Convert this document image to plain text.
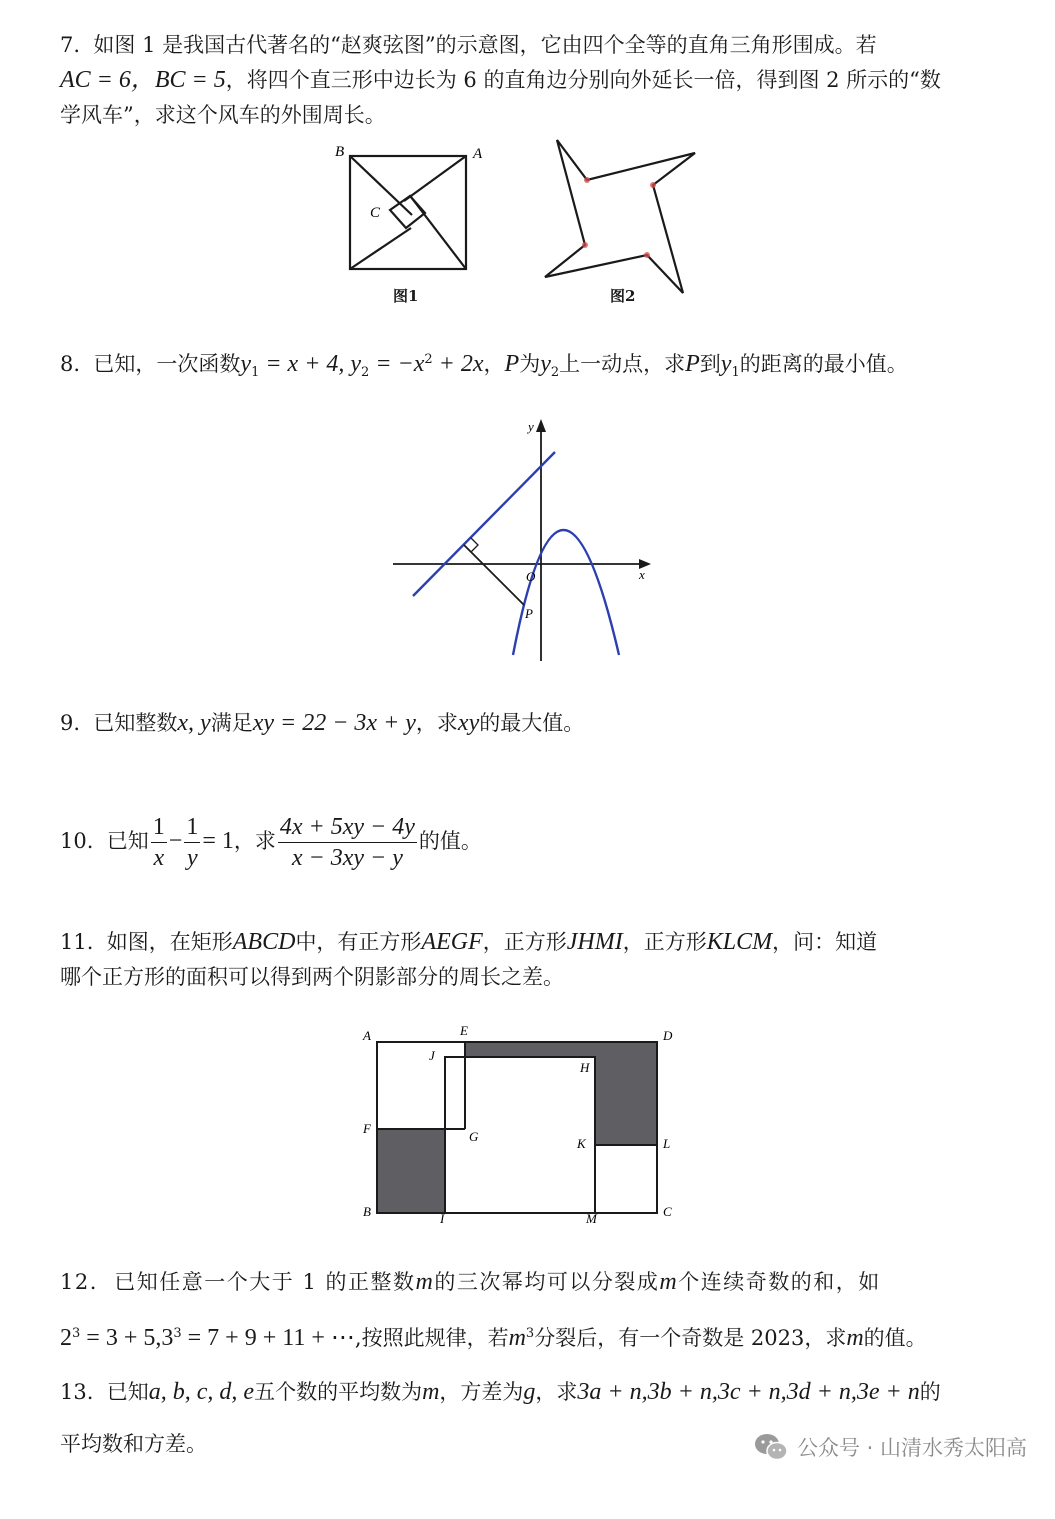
7. 如图 1 是我国古代著名的“赵爽弦图”的示意图，它由四个全等的直角三角形围成。若
AC = 6，BC = 5，将四个直三形中边长为 6 的直角边分别向外延长一倍，得到图 2 所示的“数
学风车”，求这个风车的外围周长。
B	A
C
图1	图2
8. 已知，一次函数$y_1 = x + 4$, $y_2 = -x^2 + 2x$，P为$y_2$上一动点，求P到$y_1$的距离的最小值。
y
x
O
P
9. 已知整数x, y满足xy = 22 − 3x + y，求xy的最大值。
10. 已知 $\frac{1}{x} - \frac{1}{y} = 1$，求 $\frac{4x + 5xy - 4y}{x - 3xy - y}$ 的值。
11. 如图，在矩形ABCD中，有正方形AEGF，正方形JHMI，正方形KLCM，问：知道
哪个正方形的面积可以得到两个阴影部分的周长之差。
A	E	D
J
H
F
G	K	L
B	I	M	C
12. 已知任意一个大于 1 的正整数m的三次幂均可以分裂成m个连续奇数的和，如
$2^3 = 3 + 5,3^3 = 7 + 9 + 11$ + ⋯,按照此规律，若$m^3$分裂后，有一个奇数是 2023，求m的值。
13. 已知a, b, c, d, e五个数的平均数为m，方差为g，求3a + n,3b + n,3c + n,3d + n,3e + n的
平均数和方差。	公众号 · 山清水秀太阳高
